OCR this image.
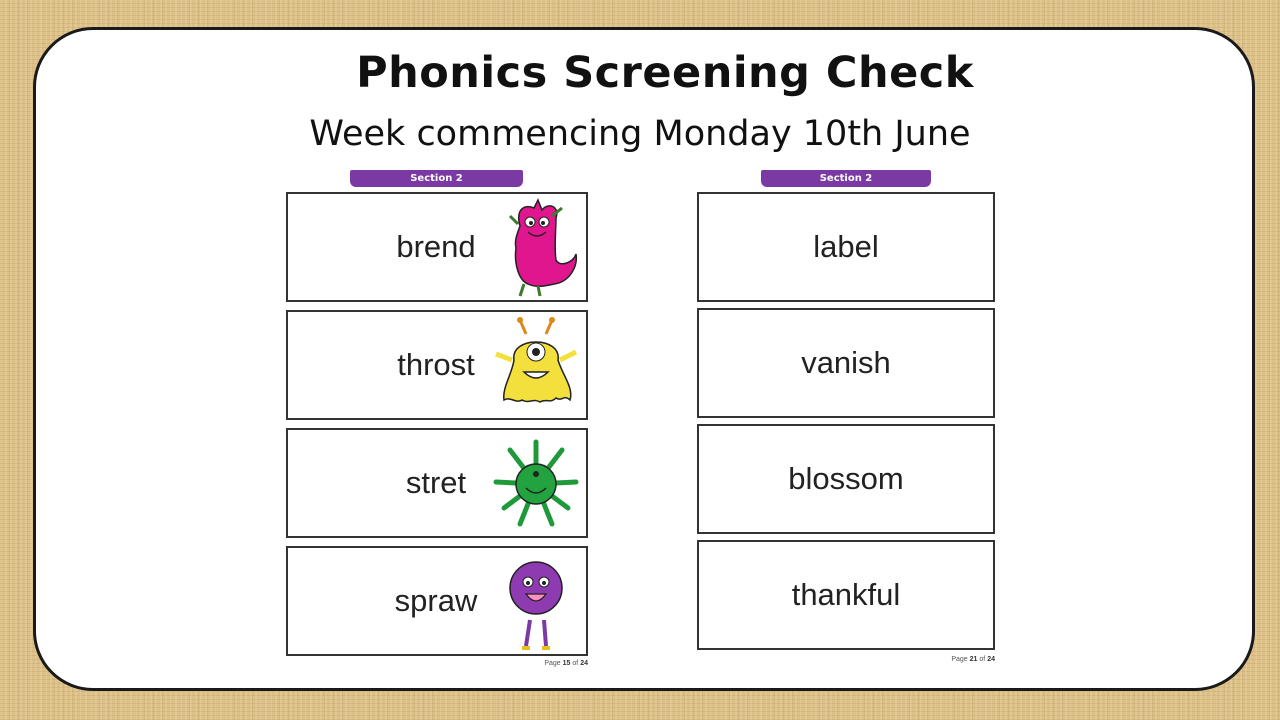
Phonics Screening Check
Week commencing Monday 10th June
Section 2
brend
throst
stret
spraw
Page 15 of 24
Section 2
label
vanish
blossom
thankful
Page 21 of 24
